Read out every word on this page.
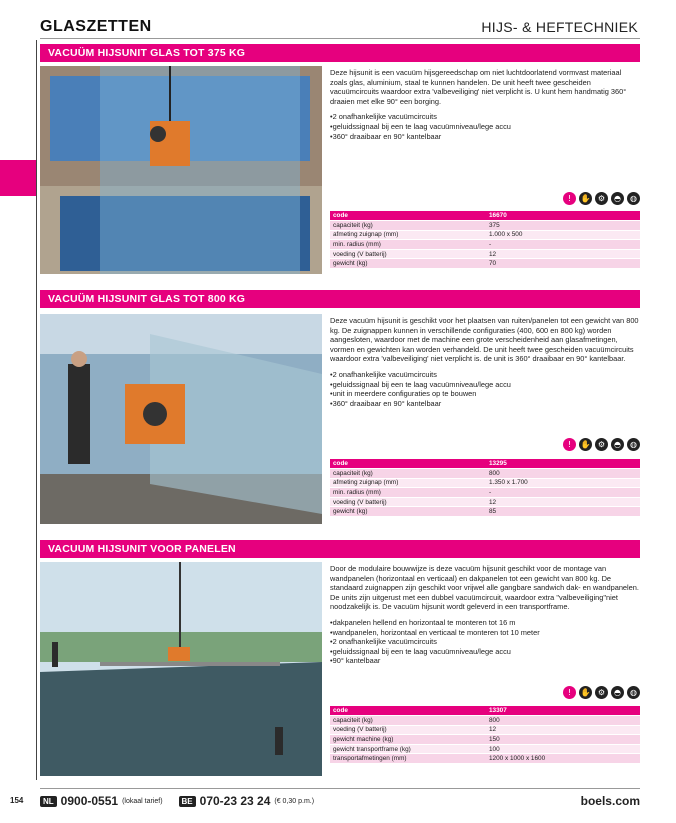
GLASZETTEN	HIJS- & HEFTECHNIEK
VACUÜM HIJSUNIT GLAS TOT 375 KG

Deze hijsunit is een vacuüm hijsgereedschap om niet luchtdoorlatend vormvast materiaal zoals glas, aluminium, staal te kunnen handelen. De unit heeft twee gescheiden vacuümcircuits waardoor extra 'valbeveiliging' niet verplicht is. U kunt hem handmatig 360° draaien met elke 90° een borging.

• 2 onafhankelijke vacuümcircuits
• geluidssignaal bij een te laag vacuümniveau/lege accu
• 360° draaibaar en 90° kantelbaar
!	✋ ⚙	◓	◍
code	16670
capaciteit (kg)	375
afmeting zuignap (mm)	1.000 x 500
min. radius (mm)	-
voeding (V batterij)	12
gewicht (kg)	70
VACUÜM HIJSUNIT GLAS TOT 800 KG

Deze vacuüm hijsunit is geschikt voor het plaatsen van ruiten/panelen tot een gewicht van 800 kg. De zuignappen kunnen in verschillende configuraties (400, 600 en 800 kg) worden aangesloten, waardoor met de machine een grote verscheidenheid aan glasafmetingen, vormen en gewichten kan worden verhandeld. De unit heeft twee gescheiden vacuümcircuits waardoor extra 'valbeveiliging' niet verplicht is. de unit is 360° draaibaar en 90° kantelbaar.

• 2 onafhankelijke vacuümcircuits
• geluidssignaal bij een te laag vacuümniveau/lege accu
• unit in meerdere configuraties op te bouwen
• 360° draaibaar en 90° kantelbaar
!	✋ ⚙	◓	◍
code	13295
capaciteit (kg)	800
afmeting zuignap (mm)	1.350 x 1.700
min. radius (mm)	-
voeding (V batterij)	12
gewicht (kg)	85
VACUUM HIJSUNIT VOOR PANELEN

Door de modulaire bouwwijze is deze vacuüm hijsunit geschikt voor de montage van wandpanelen (horizontaal en verticaal) en dakpanelen tot een gewicht van 800 kg. De standaard zuignappen zijn geschikt voor vrijwel alle gangbare sandwich dak- en wandpanelen. De units zijn uitgerust met een dubbel vacuümcircuit, waardoor extra "valbeveiliging"niet noodzakelijk is. De vacuüm hijsunit wordt geleverd in een transportframe.

• dakpanelen hellend en horizontaal te monteren tot 16 m
• wandpanelen, horizontaal en verticaal te monteren tot 10 meter
• 2 onafhankelijke vacuümcircuits
• geluidssignaal bij een te laag vacuümniveau/lege accu
• 90° kantelbaar
!	✋ ⚙	◓	◍
code	13307
capaciteit (kg)	800
voeding (V batterij)	12
gewicht machine (kg)	150
gewicht transportframe (kg)	100
transportafmetingen (mm)	1200 x 1000 x 1600
154	NL 0900-0551 (lokaal tarief)	BE 070-23 23 24 (€ 0,30 p.m.)	boels.com
